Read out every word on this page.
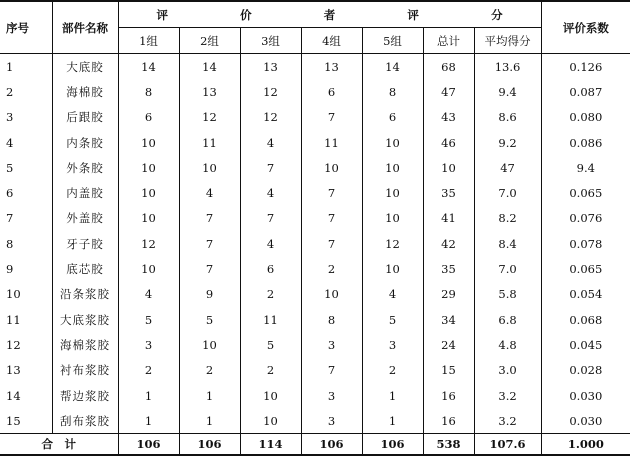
序号	部件名称	评 价 者 评 分							评价系数
		1组	2组	3组	4组	5组	总计	平均得分	
1	大底胶	14	14	13	13	14	68	13.6	0.126
2	海棉胶	8	13	12	6	8	47	9.4	0.087
3	后跟胶	6	12	12	7	6	43	8.6	0.080
4	内条胶	10	11	4	11	10	46	9.2	0.086
5	外条胶	10	10	7	10	10	10	47	9.4
6	内盖胶	10	4	4	7	10	35	7.0	0.065
7	外盖胶	10	7	7	7	10	41	8.2	0.076
8	牙子胶	12	7	4	7	12	42	8.4	0.078
9	底芯胶	10	7	6	2	10	35	7.0	0.065
10	沿条浆胶	4	9	2	10	4	29	5.8	0.054
11	大底浆胶	5	5	11	8	5	34	6.8	0.068
12	海棉浆胶	3	10	5	3	3	24	4.8	0.045
13	衬布浆胶	2	2	2	7	2	15	3.0	0.028
14	帮边浆胶	1	1	10	3	1	16	3.2	0.030
15	刮布浆胶	1	1	10	3	1	16	3.2	0.030
合　计		106	106	114	106	106	538	107.6	1.000
